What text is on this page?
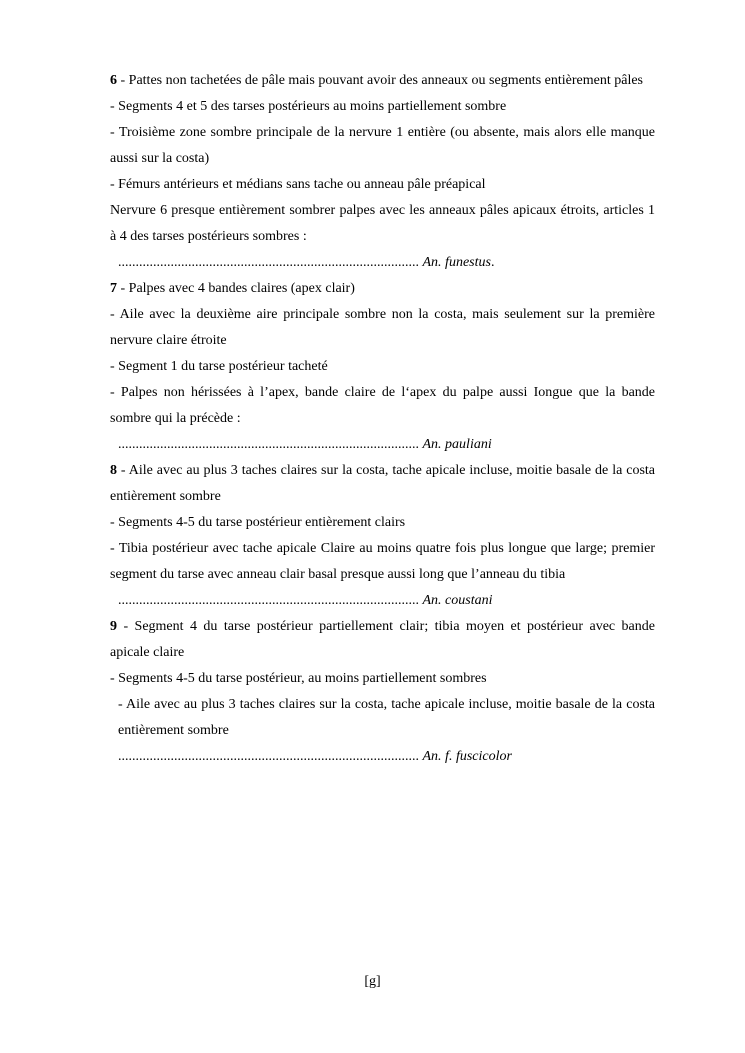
6 - Pattes non tachetées de pâle mais pouvant avoir des anneaux ou segments entièrement pâles

- Segments 4 et 5 des tarses postérieurs au moins partiellement sombre

- Troisième zone sombre principale de la nervure 1 entière (ou absente, mais alors elle manque aussi sur la costa)

- Fémurs antérieurs et médians sans tache ou anneau pâle préapical

Nervure 6 presque entièrement sombrer palpes avec les anneaux pâles apicaux étroits, articles 1 à 4 des tarses postérieurs sombres :

...................................................................................... An. funestus.

7 - Palpes avec 4 bandes claires (apex clair)

- Aile avec la deuxième aire principale sombre non la costa, mais seulement sur la première nervure claire étroite

- Segment 1 du tarse postérieur tacheté

- Palpes non hérissées à l’apex, bande claire de l‘apex du palpe aussi Iongue que la bande sombre qui la précède :

...................................................................................... An. pauliani

8 - Aile avec au plus 3 taches claires sur la costa, tache apicale incluse, moitie basale de la costa entièrement sombre

- Segments 4-5 du tarse postérieur entièrement clairs

- Tibia postérieur avec tache apicale Claire au moins quatre fois plus longue que large; premier segment du tarse avec anneau clair basal presque aussi long que l’anneau du tibia

...................................................................................... An. coustani

9 - Segment 4 du tarse postérieur partiellement clair; tibia moyen et postérieur avec bande apicale claire

- Segments 4-5 du tarse postérieur, au moins partiellement sombres

- Aile avec au plus 3 taches claires sur la costa, tache apicale incluse, moitie basale de la costa entièrement sombre

...................................................................................... An. f. fuscicolor

[g]
